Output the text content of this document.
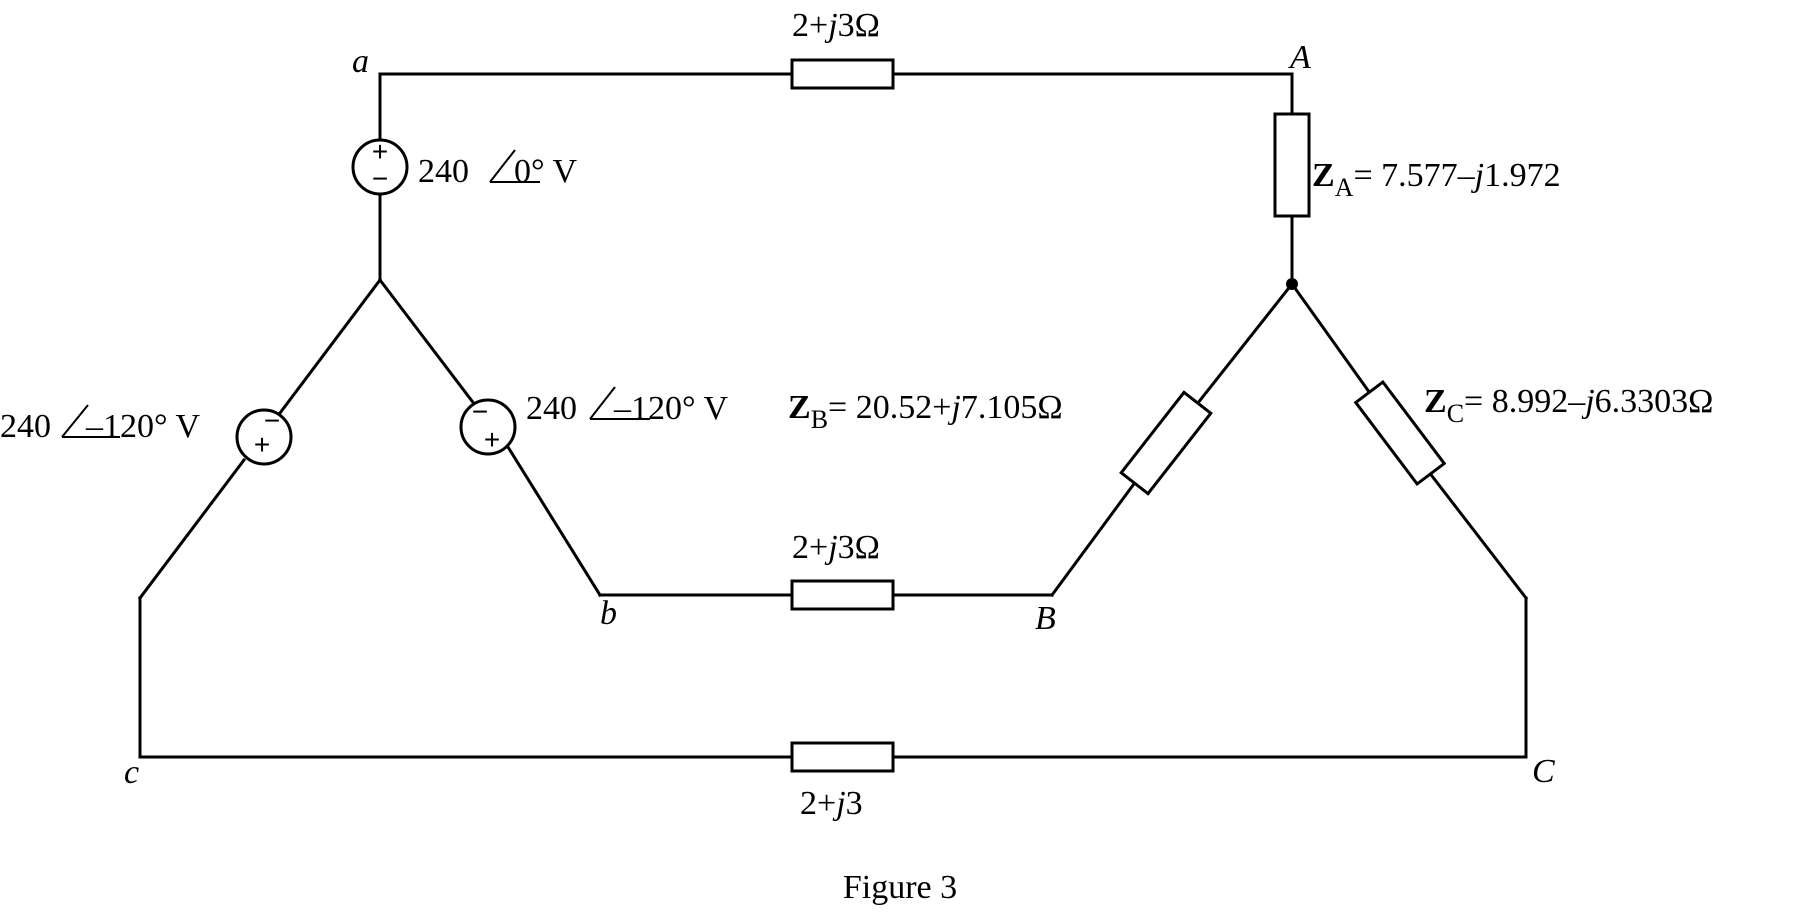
+
−
−
+
−
+
a	A
b	B
c	C
2+j3Ω
2+j3Ω
2+j3
240 0° V
240 –120° V
240 –120° V
$Z_A= 7.577-j1.972$
$Z_B= 20.52+j7.105\Omega$	$Z_C= 8.992-j6.3303\Omega$
Figure 3
